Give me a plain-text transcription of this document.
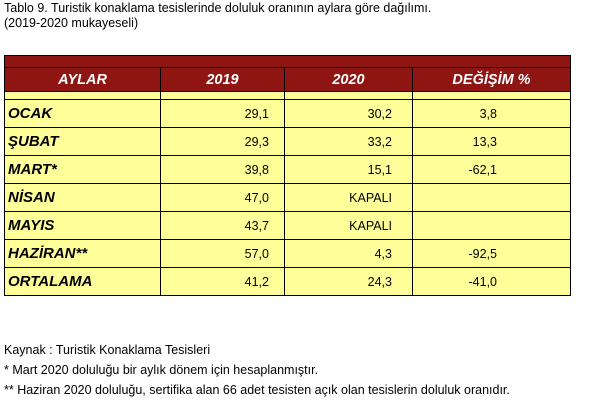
Tablo 9. Turistik konaklama tesislerinde doluluk oranının aylara göre dağılımı.
(2019-2020 mukayeseli)

AYLAR	2019	2020	DEĞİŞİM %

OCAK	29,1	30,2	3,8
ŞUBAT	29,3	33,2	13,3
MART*	39,8	15,1	-62,1
NİSAN	47,0	KAPALI	
MAYIS	43,7	KAPALI	
HAZİRAN**	57,0	4,3	-92,5
ORTALAMA	41,2	24,3	-41,0
Kaynak : Turistik Konaklama Tesisleri
* Mart 2020 doluluğu bir aylık dönem için hesaplanmıştır.
** Haziran 2020 doluluğu, sertifika alan 66 adet tesisten açık olan tesislerin doluluk oranıdır.
